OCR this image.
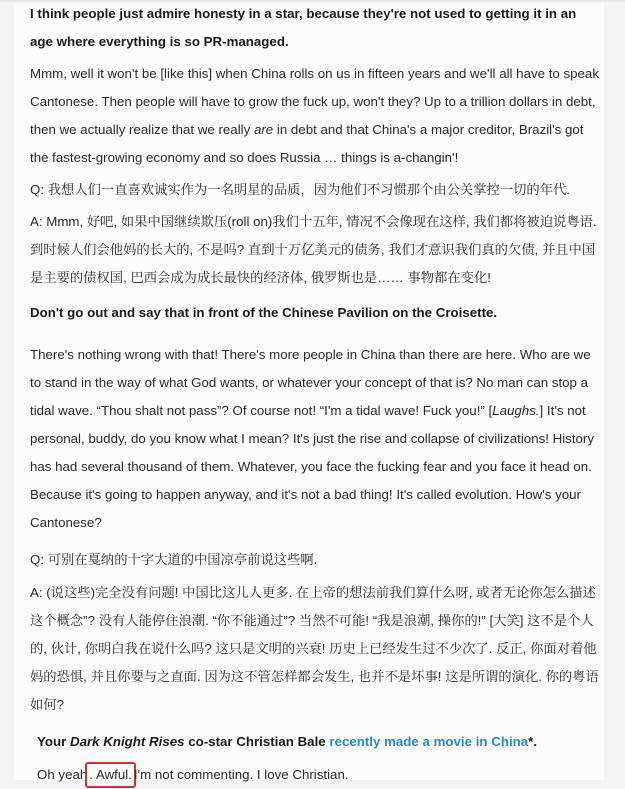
I think people just admire honesty in a star, because they're not used to getting it in an age where everything is so PR-managed.

Mmm, well it won't be [like this] when China rolls on us in fifteen years and we'll all have to speak Cantonese. Then people will have to grow the fuck up, won't they? Up to a trillion dollars in debt, then we actually realize that we really are in debt and that China's a major creditor, Brazil's got the fastest-growing economy and so does Russia … things is a-changin'!

Q: 我想人们一直喜欢诚实作为一名明星的品质，因为他们不习惯那个由公关掌控一切的年代.

A: Mmm, 好吧, 如果中国继续欺压(roll on)我们十五年, 情况不会像现在这样, 我们都将被迫说粤语. 到时候人们会他妈的长大的, 不是吗? 直到十万亿美元的债务, 我们才意识我们真的欠债, 并且中国是主要的债权国, 巴西会成为成长最快的经济体, 俄罗斯也是…… 事物都在变化!

Don't go out and say that in front of the Chinese Pavilion on the Croisette.

There's nothing wrong with that! There's more people in China than there are here. Who are we to stand in the way of what God wants, or whatever your concept of that is? No man can stop a tidal wave. “Thou shalt not pass”? Of course not! “I'm a tidal wave! Fuck you!” [Laughs.] It's not personal, buddy, do you know what I mean? It's just the rise and collapse of civilizations! History has had several thousand of them. Whatever, you face the fucking fear and you face it head on. Because it's going to happen anyway, and it's not a bad thing! It's called evolution. How's your Cantonese?

Q: 可别在戛纳的十字大道的中国凉亭前说这些啊.

A: (说这些)完全没有问题! 中国比这儿人更多. 在上帝的想法前我们算什么呀, 或者无论你怎么描述这个概念”? 没有人能停住浪潮. “你不能通过”? 当然不可能! “我是浪潮, 操你的!” [大笑] 这不是个人的, 伙计, 你明白我在说什么吗? 这只是文明的兴衰! 历史上已经发生过不少次了. 反正, 你面对着他妈的恐惧, 并且你要与之直面. 因为这不管怎样都会发生, 也并不是坏事! 这是所谓的演化. 你的粤语如何?

Your Dark Knight Rises co-star Christian Bale recently made a movie in China*.

Oh yeah . Awful.I'm not commenting. I love Christian.
